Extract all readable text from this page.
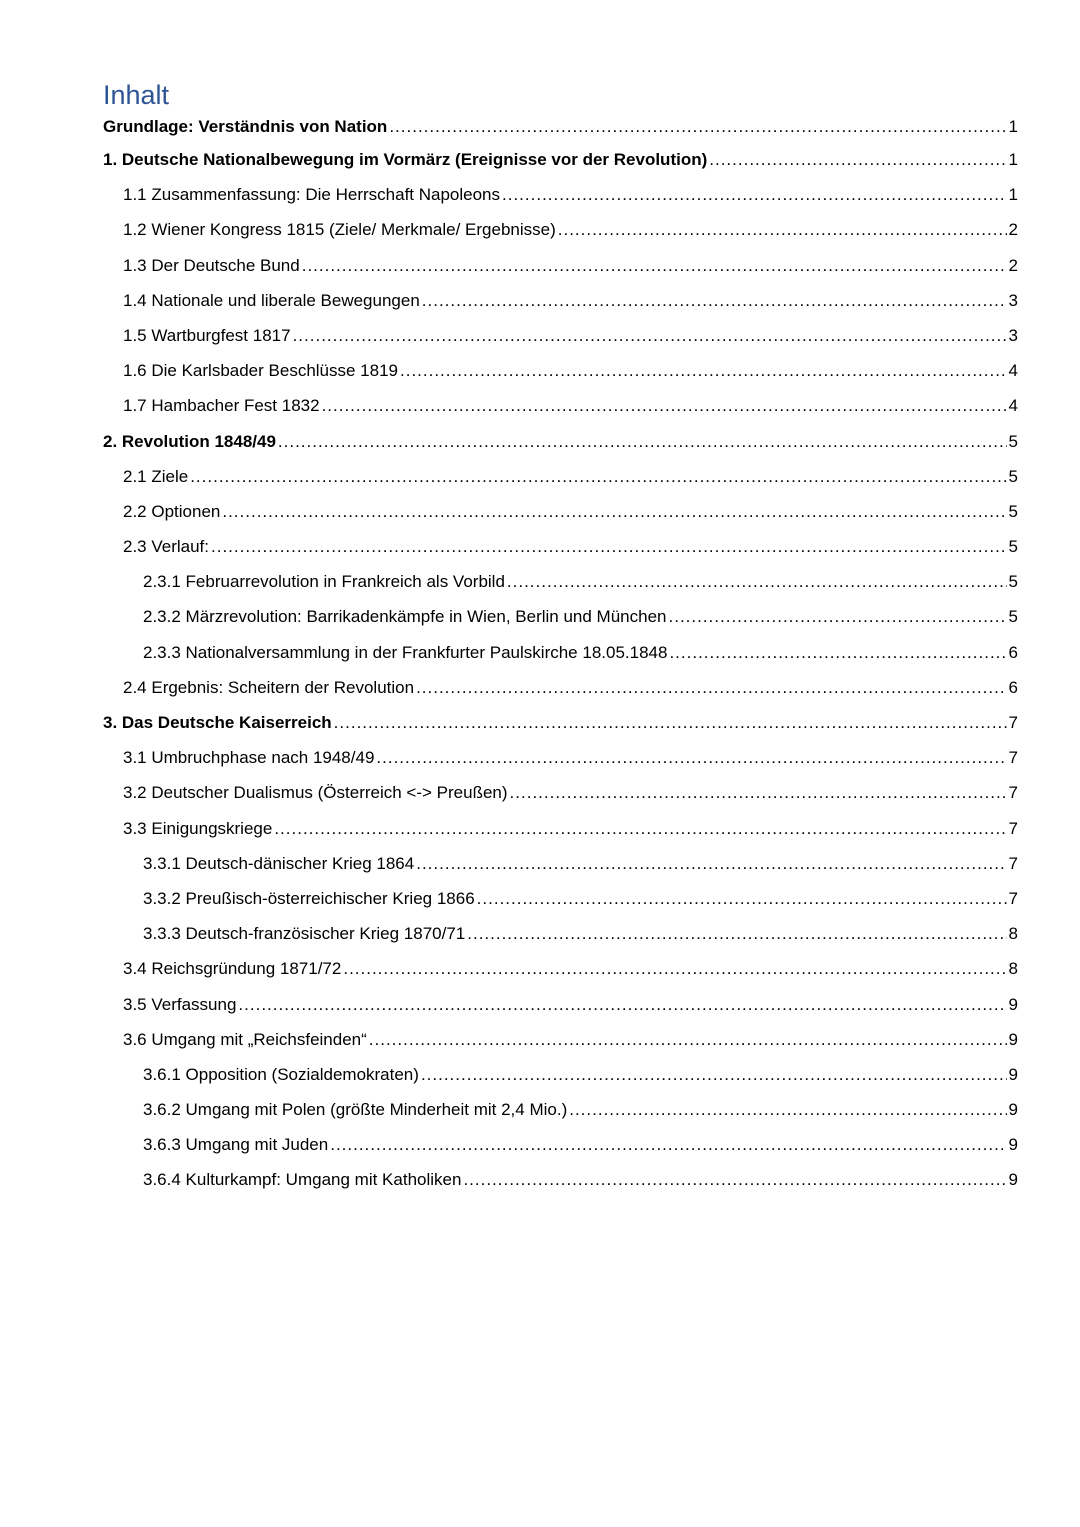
Inhalt
Grundlage: Verständnis von Nation .....	1
1. Deutsche Nationalbewegung im Vormärz (Ereignisse vor der Revolution) .....	1
1.1 Zusammenfassung: Die Herrschaft Napoleons .....	1
1.2 Wiener Kongress 1815 (Ziele/ Merkmale/ Ergebnisse) .....	2
1.3 Der Deutsche Bund .....	2
1.4 Nationale und liberale Bewegungen .....	3
1.5 Wartburgfest 1817 .....	3
1.6 Die Karlsbader Beschlüsse 1819 .....	4
1.7 Hambacher Fest 1832 .....	4
2. Revolution 1848/49 .....	5
2.1 Ziele .....	5
2.2 Optionen .....	5
2.3 Verlauf: .....	5
2.3.1 Februarrevolution in Frankreich als Vorbild .....	5
2.3.2 Märzrevolution: Barrikadenkämpfe in Wien, Berlin und München .....	5
2.3.3 Nationalversammlung in der Frankfurter Paulskirche 18.05.1848 .....	6
2.4 Ergebnis: Scheitern der Revolution .....	6
3. Das Deutsche Kaiserreich .....	7
3.1 Umbruchphase nach 1948/49 .....	7
3.2 Deutscher Dualismus (Österreich <-> Preußen) .....	7
3.3 Einigungskriege .....	7
3.3.1 Deutsch-dänischer Krieg 1864 .....	7
3.3.2 Preußisch-österreichischer Krieg 1866 .....	7
3.3.3 Deutsch-französischer Krieg 1870/71 .....	8
3.4 Reichsgründung 1871/72 .....	8
3.5 Verfassung .....	9
3.6 Umgang mit „Reichsfeinden“ .....	9
3.6.1 Opposition (Sozialdemokraten) .....	9
3.6.2 Umgang mit Polen (größte Minderheit mit 2,4 Mio.) .....	9
3.6.3 Umgang mit Juden .....	9
3.6.4 Kulturkampf: Umgang mit Katholiken .....	9
